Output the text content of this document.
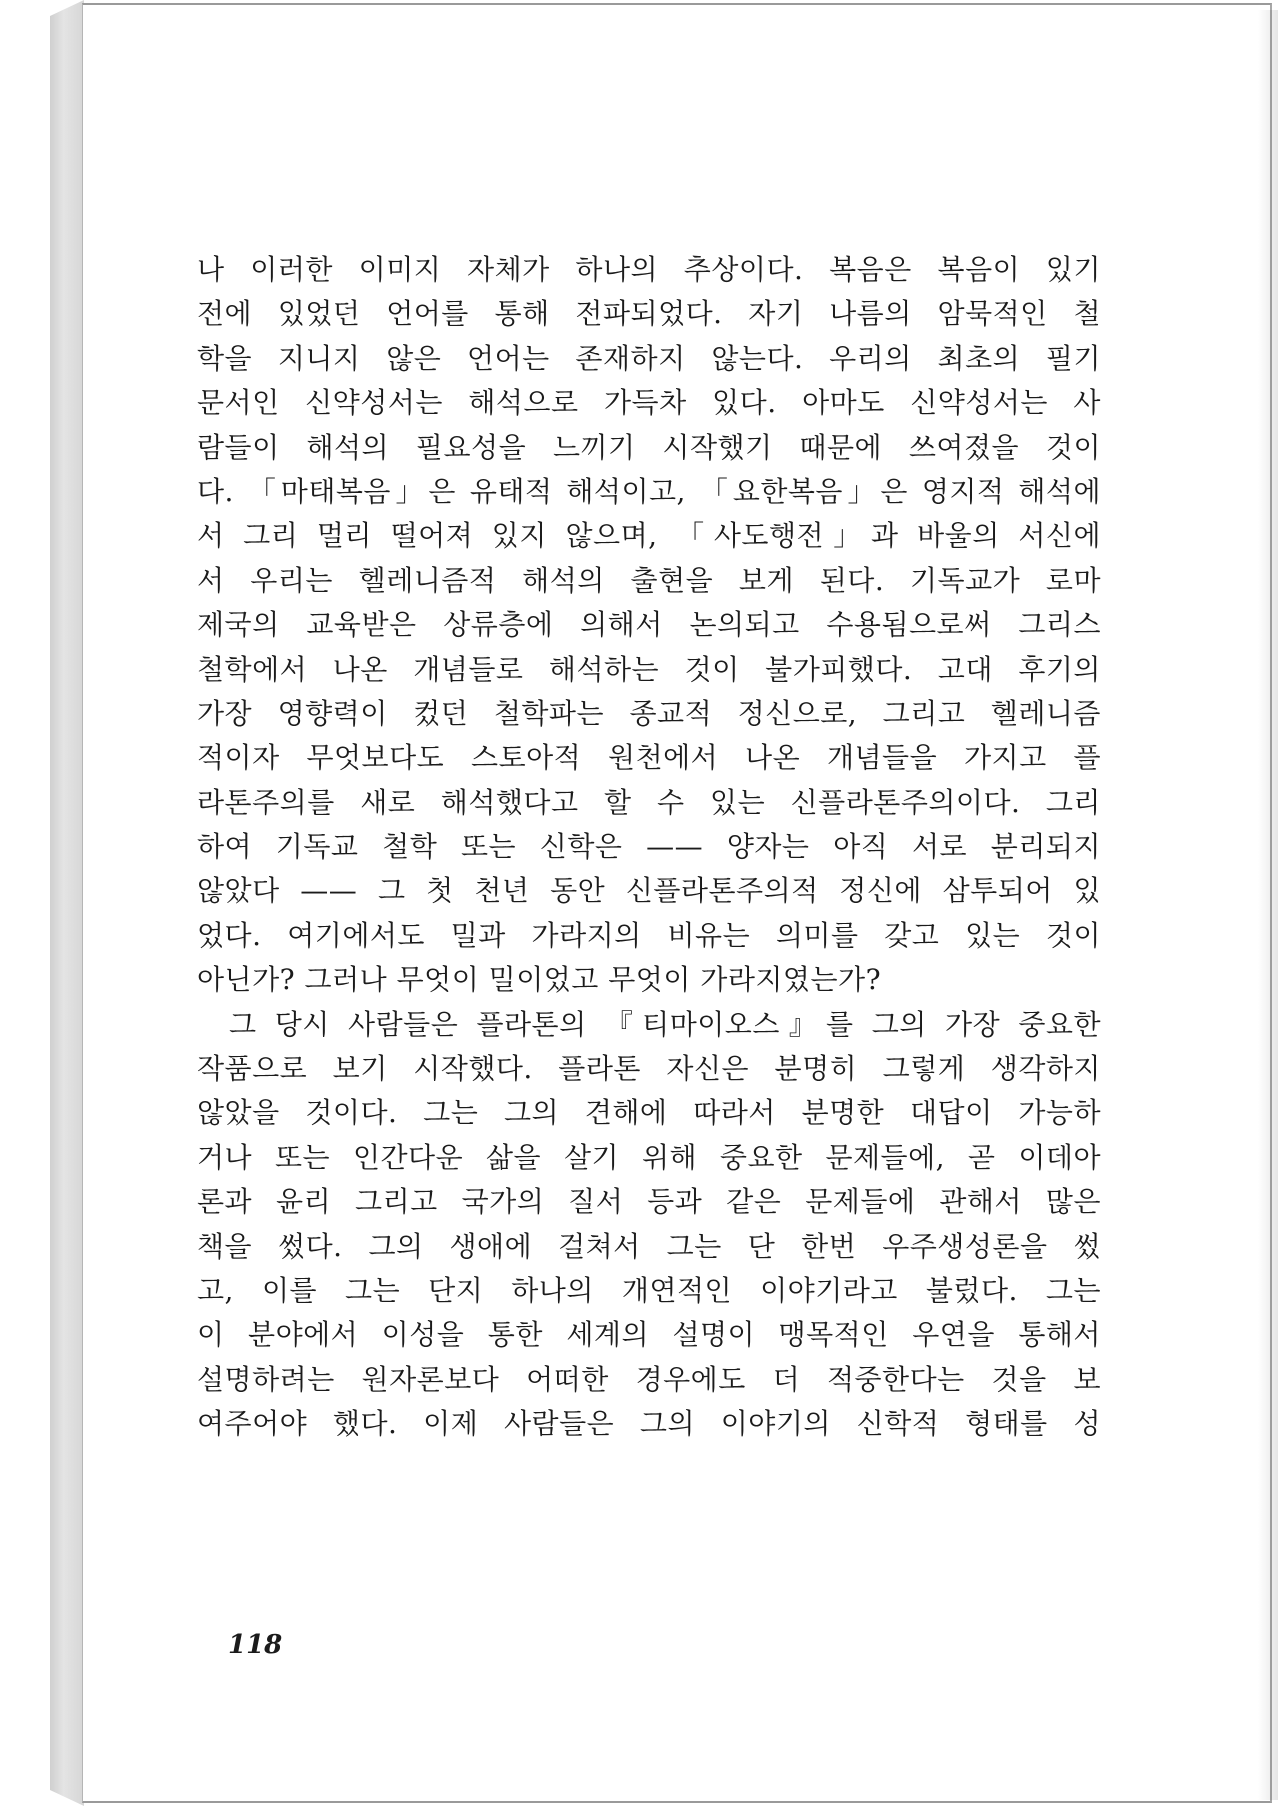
나 이러한 이미지 자체가 하나의 추상이다. 복음은 복음이 있기
전에 있었던 언어를 통해 전파되었다. 자기 나름의 암묵적인 철
학을 지니지 않은 언어는 존재하지 않는다. 우리의 최초의 필기
문서인 신약성서는 해석으로 가득차 있다. 아마도 신약성서는 사
람들이 해석의 필요성을 느끼기 시작했기 때문에 쓰여졌을 것이
다. 「마태복음」은 유태적 해석이고, 「요한복음」은 영지적 해석에
서 그리 멀리 떨어져 있지 않으며, 「사도행전」과 바울의 서신에
서 우리는 헬레니즘적 해석의 출현을 보게 된다. 기독교가 로마
제국의 교육받은 상류층에 의해서 논의되고 수용됨으로써 그리스
철학에서 나온 개념들로 해석하는 것이 불가피했다. 고대 후기의
가장 영향력이 컸던 철학파는 종교적 정신으로, 그리고 헬레니즘
적이자 무엇보다도 스토아적 원천에서 나온 개념들을 가지고 플
라톤주의를 새로 해석했다고 할 수 있는 신플라톤주의이다. 그리
하여 기독교 철학 또는 신학은 —— 양자는 아직 서로 분리되지
않았다 —— 그 첫 천년 동안 신플라톤주의적 정신에 삼투되어 있
었다. 여기에서도 밀과 가라지의 비유는 의미를 갖고 있는 것이
아닌가? 그러나 무엇이 밀이었고 무엇이 가라지였는가?
그 당시 사람들은 플라톤의 『티마이오스』를 그의 가장 중요한
작품으로 보기 시작했다. 플라톤 자신은 분명히 그렇게 생각하지
않았을 것이다. 그는 그의 견해에 따라서 분명한 대답이 가능하
거나 또는 인간다운 삶을 살기 위해 중요한 문제들에, 곧 이데아
론과 윤리 그리고 국가의 질서 등과 같은 문제들에 관해서 많은
책을 썼다. 그의 생애에 걸쳐서 그는 단 한번 우주생성론을 썼
고, 이를 그는 단지 하나의 개연적인 이야기라고 불렀다. 그는
이 분야에서 이성을 통한 세계의 설명이 맹목적인 우연을 통해서
설명하려는 원자론보다 어떠한 경우에도 더 적중한다는 것을 보
여주어야 했다. 이제 사람들은 그의 이야기의 신학적 형태를 성
118
